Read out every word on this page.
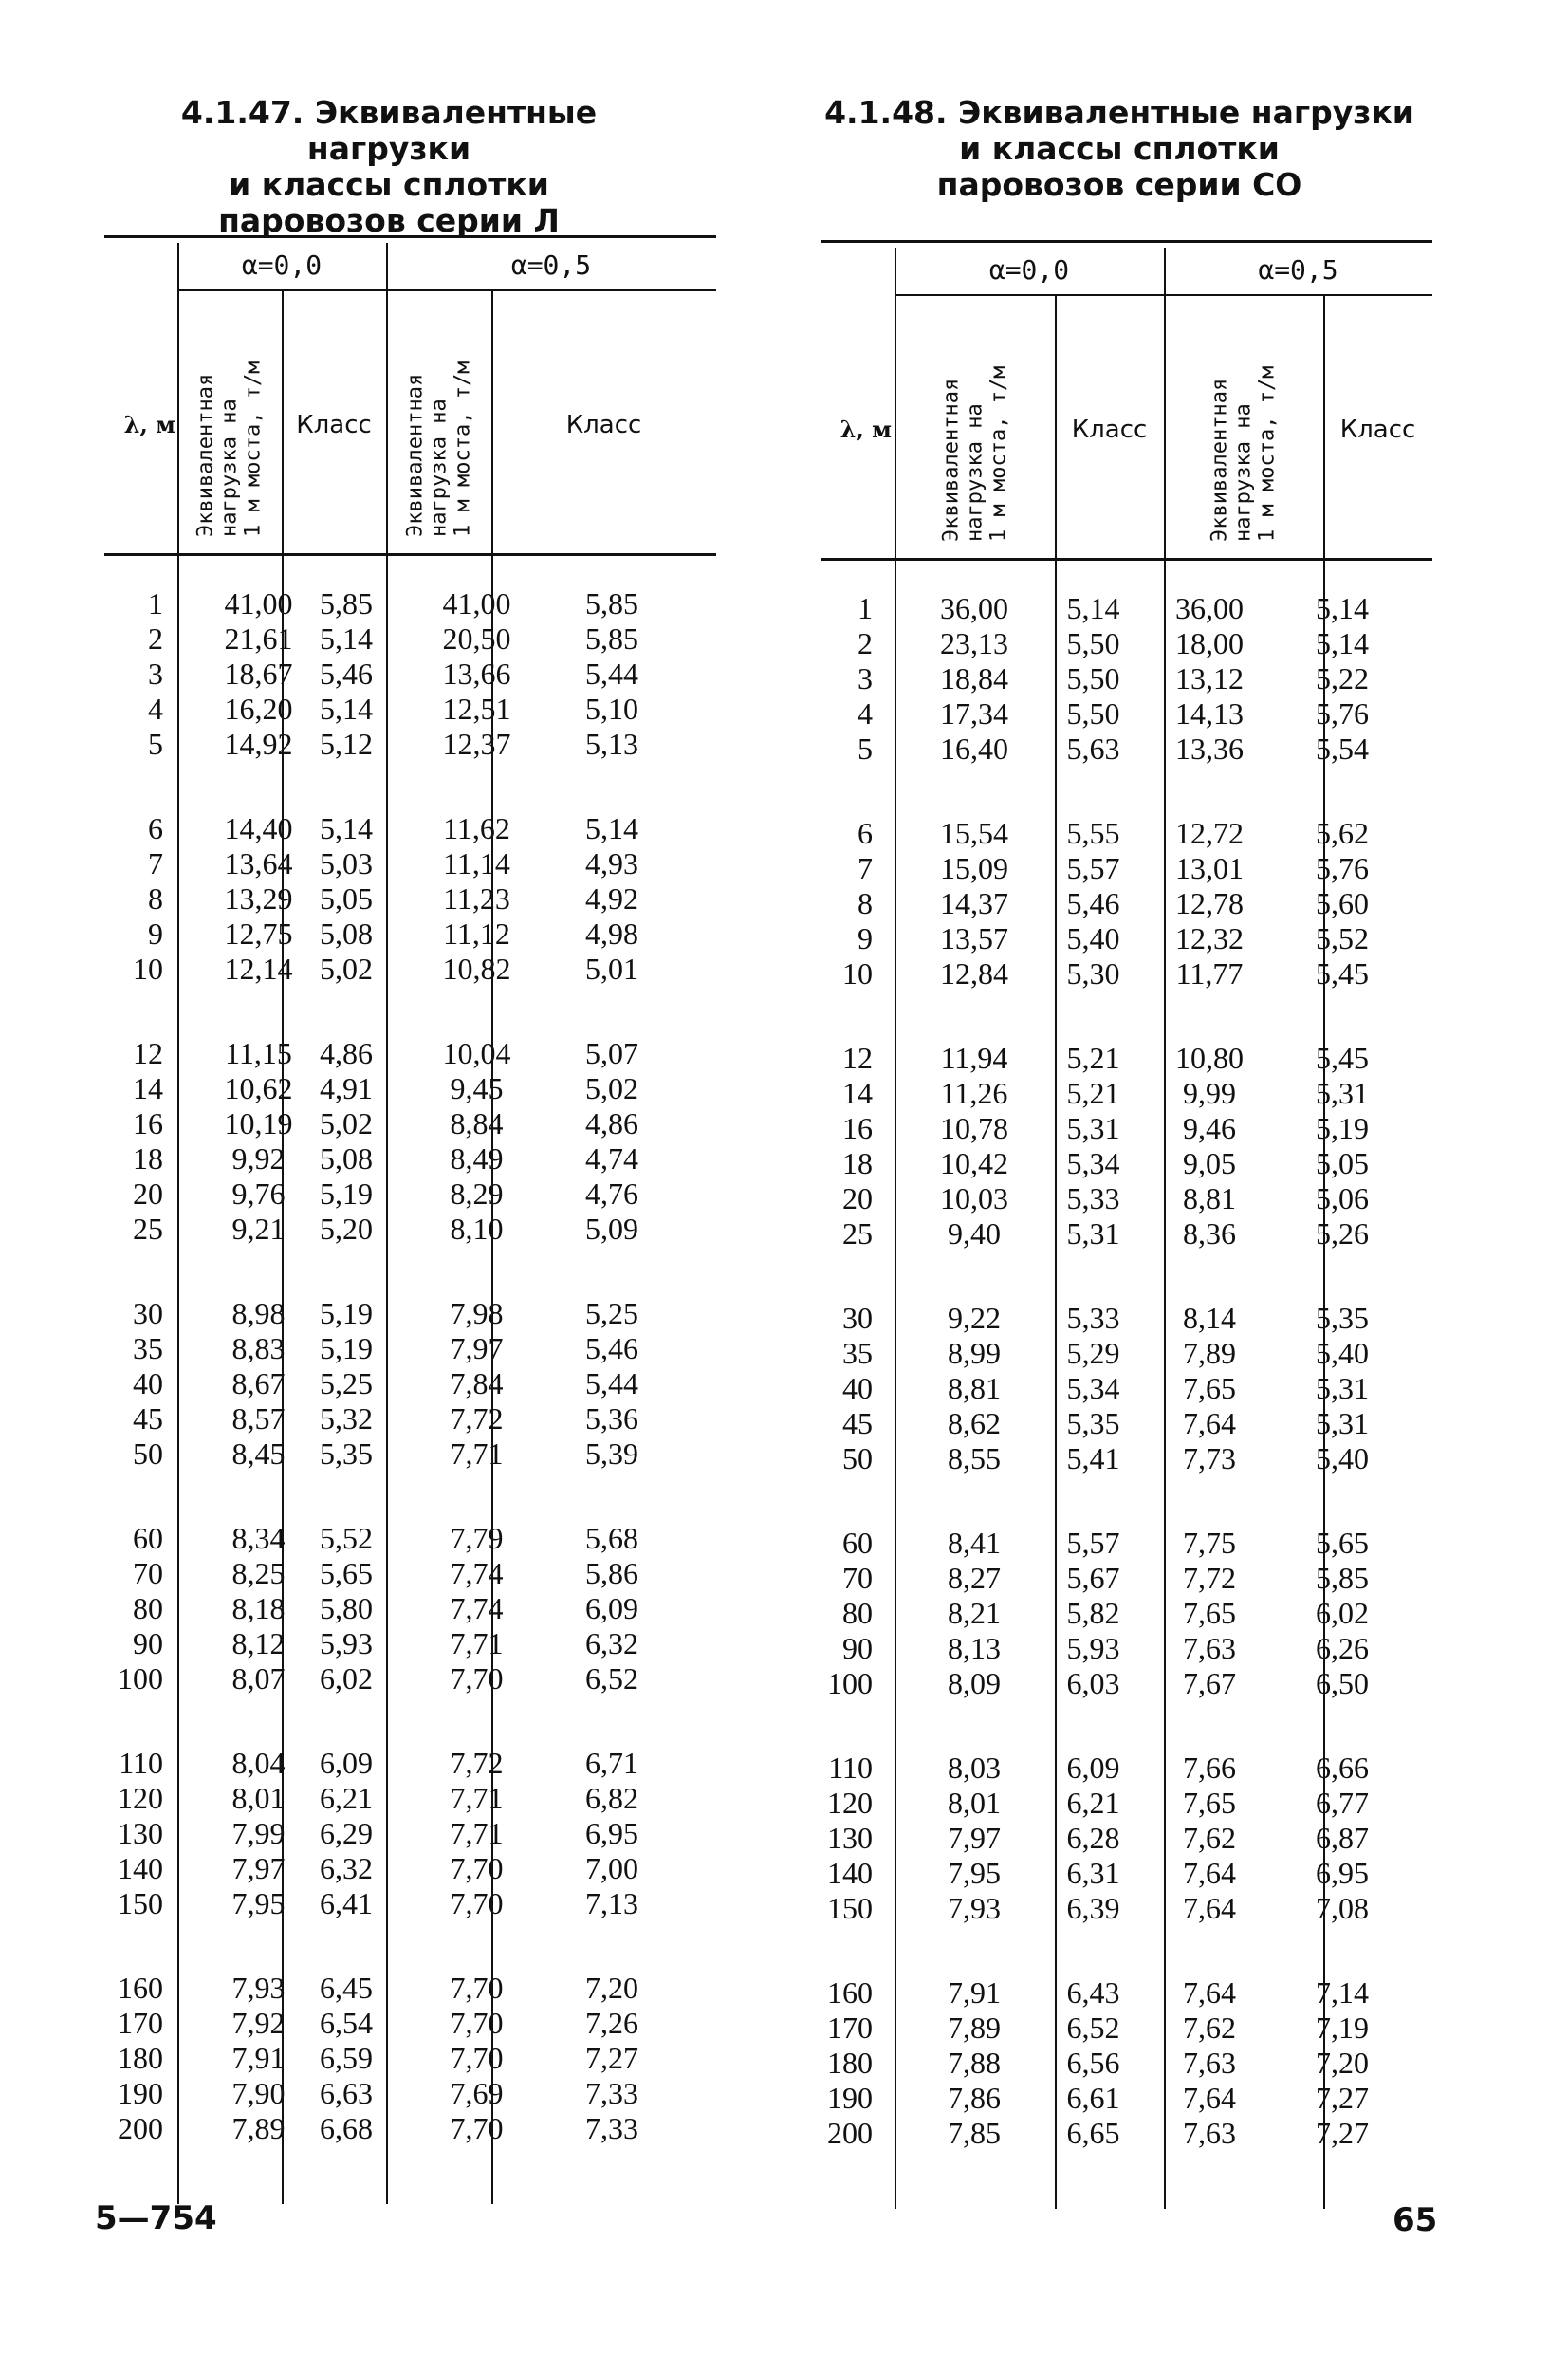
4.1.47. Эквивалентные нагрузки
и классы сплотки
паровозов серии Л
4.1.48. Эквивалентные нагрузки
и классы сплотки
паровозов серии СО
α=0,0	α=0,5
λ, м Эквивалентная
нагрузка на
1 м моста, т/м
Класс	Эквивалентная
нагрузка на
1 м моста, т/м
Класс
1	41,00 5,85	41,00	5,85
2	21,61 5,14	20,50	5,85
3	18,67 5,46	13,66	5,44
4	16,20 5,14	12,51	5,10
5	14,92 5,12	12,37	5,13
6	14,40 5,14	11,62	5,14
7	13,64 5,03	11,14	4,93
8	13,29 5,05	11,23	4,92
9	12,75 5,08	11,12	4,98
10	12,14 5,02	10,82	5,01
12	11,15 4,86	10,04	5,07
14	10,62 4,91	9,45	5,02
16	10,19 5,02	8,84	4,86
18	9,92	5,08	8,49	4,74
20	9,76	5,19	8,29	4,76
25	9,21	5,20	8,10	5,09
30	8,98	5,19	7,98	5,25
35	8,83	5,19	7,97	5,46
40	8,67	5,25	7,84	5,44
45	8,57	5,32	7,72	5,36
50	8,45	5,35	7,71	5,39
60	8,34	5,52	7,79	5,68
70	8,25	5,65	7,74	5,86
80	8,18	5,80	7,74	6,09
90	8,12	5,93	7,71	6,32
100	8,07	6,02	7,70	6,52
110	8,04	6,09	7,72	6,71
120	8,01	6,21	7,71	6,82
130	7,99	6,29	7,71	6,95
140	7,97	6,32	7,70	7,00
150	7,95	6,41	7,70	7,13
160	7,93	6,45	7,70	7,20
170	7,92	6,54	7,70	7,26
180	7,91	6,59	7,70	7,27
190	7,90	6,63	7,69	7,33
200	7,89	6,68	7,70	7,33
α=0,0	α=0,5
λ, м Эквивалентная
нагрузка на
1 м моста, т/м
Класс	Эквивалентная
нагрузка на
1 м моста, т/м
Класс
1	36,00	5,14	36,00	5,14
2	23,13	5,50	18,00	5,14
3	18,84	5,50	13,12	5,22
4	17,34	5,50	14,13	5,76
5	16,40	5,63	13,36	5,54
6	15,54	5,55	12,72	5,62
7	15,09	5,57	13,01	5,76
8	14,37	5,46	12,78	5,60
9	13,57	5,40	12,32	5,52
10	12,84	5,30	11,77	5,45
12	11,94	5,21	10,80	5,45
14	11,26	5,21	9,99	5,31
16	10,78	5,31	9,46	5,19
18	10,42	5,34	9,05	5,05
20	10,03	5,33	8,81	5,06
25	9,40	5,31	8,36	5,26
30	9,22	5,33	8,14	5,35
35	8,99	5,29	7,89	5,40
40	8,81	5,34	7,65	5,31
45	8,62	5,35	7,64	5,31
50	8,55	5,41	7,73	5,40
60	8,41	5,57	7,75	5,65
70	8,27	5,67	7,72	5,85
80	8,21	5,82	7,65	6,02
90	8,13	5,93	7,63	6,26
100	8,09	6,03	7,67	6,50
110	8,03	6,09	7,66	6,66
120	8,01	6,21	7,65	6,77
130	7,97	6,28	7,62	6,87
140	7,95	6,31	7,64	6,95
150	7,93	6,39	7,64	7,08
160	7,91	6,43	7,64	7,14
170	7,89	6,52	7,62	7,19
180	7,88	6,56	7,63	7,20
190	7,86	6,61	7,64	7,27
200	7,85	6,65	7,63	7,27
5—754	65
